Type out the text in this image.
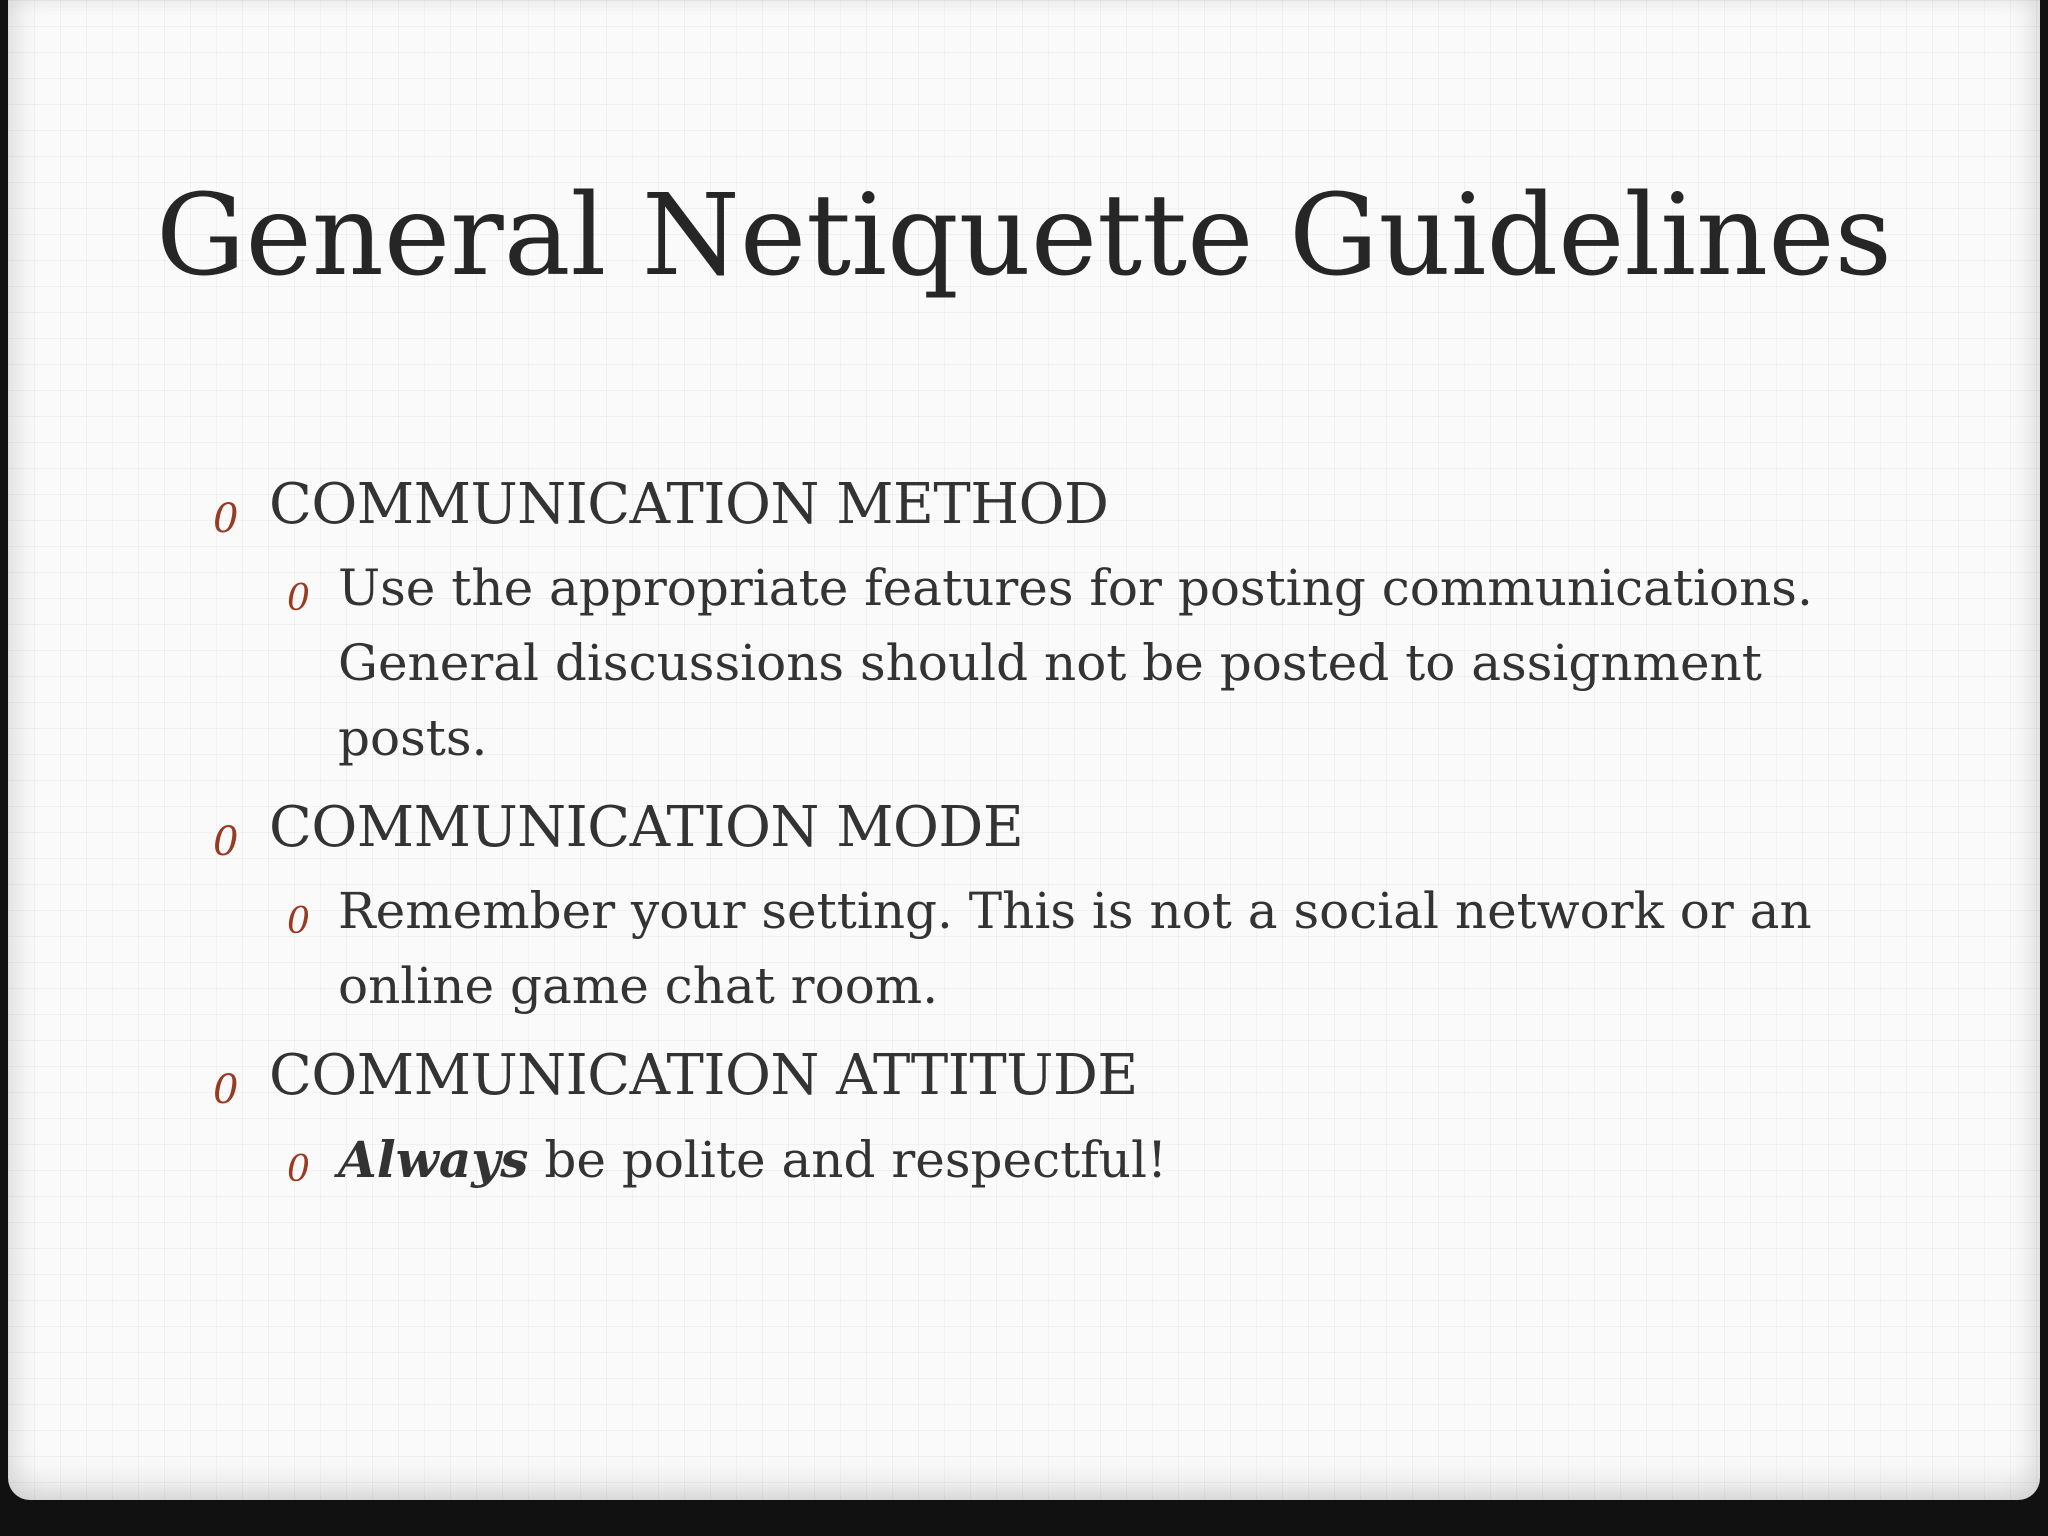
General Netiquette Guidelines
0 COMMUNICATION METHOD
0 Use the appropriate features for posting communications. General discussions should not be posted to assignment posts.
0 COMMUNICATION MODE
0 Remember your setting. This is not a social network or an online game chat room.
0 COMMUNICATION ATTITUDE
0 Always be polite and respectful!
